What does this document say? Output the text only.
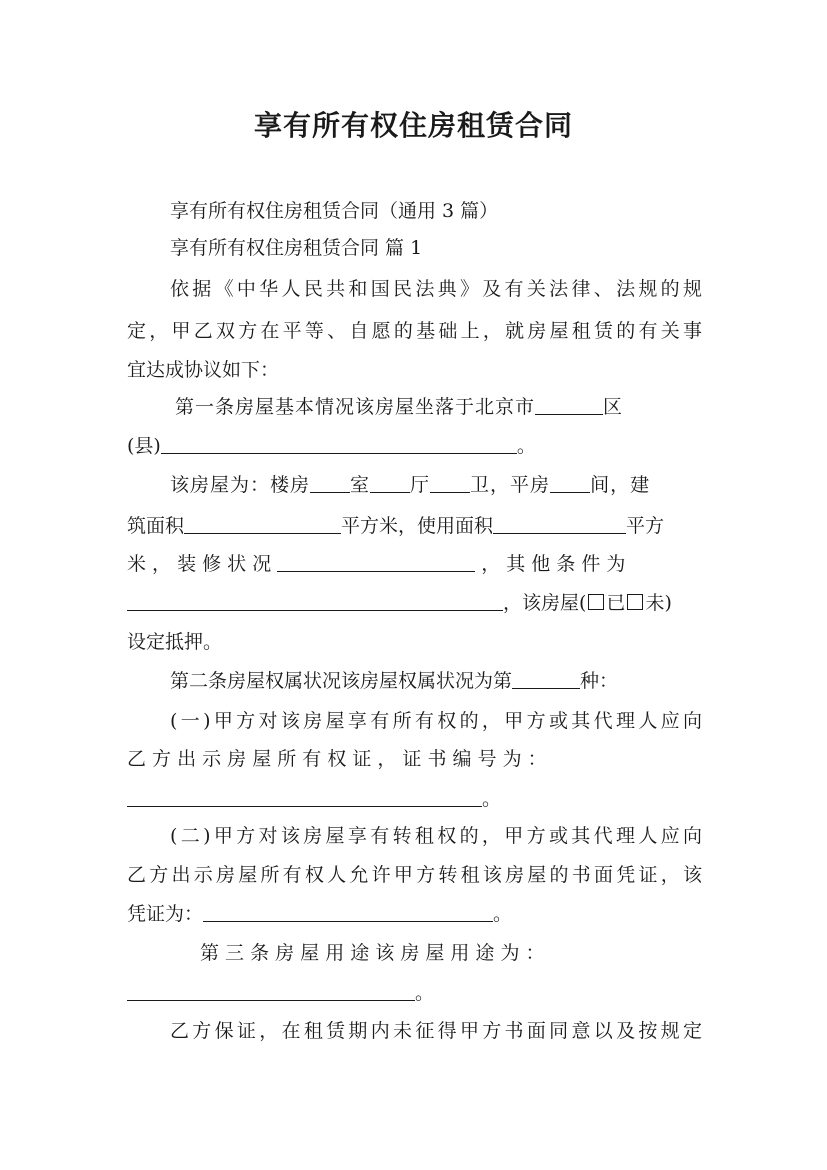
享有所有权住房租赁合同
享有所有权住房租赁合同（通用 3 篇）
享有所有权住房租赁合同 篇 1
依据《中华人民共和国民法典》及有关法律、法规的规
定，甲乙双方在平等、自愿的基础上，就房屋租赁的有关事
宜达成协议如下：
第一条房屋基本情况该房屋坐落于北京市	区
(县)	。
该房屋为：楼房 室 厅 卫，平房 间，建
筑面积	平方米，使用面积	平方
米 ， 装 修 状 况	， 其 他 条 件 为
，该房屋( 已 未)
设定抵押。
第二条房屋权属状况该房屋权属状况为第	种：
(一)甲方对该房屋享有所有权的，甲方或其代理人应向
乙 方 出 示 房 屋 所 有 权 证 ， 证 书 编 号 为 ：
。
(二)甲方对该房屋享有转租权的，甲方或其代理人应向
乙方出示房屋所有权人允许甲方转租该房屋的书面凭证，该
凭证为：	。
第 三 条 房 屋 用 途 该 房 屋 用 途 为 ：
。
乙方保证，在租赁期内未征得甲方书面同意以及按规定
